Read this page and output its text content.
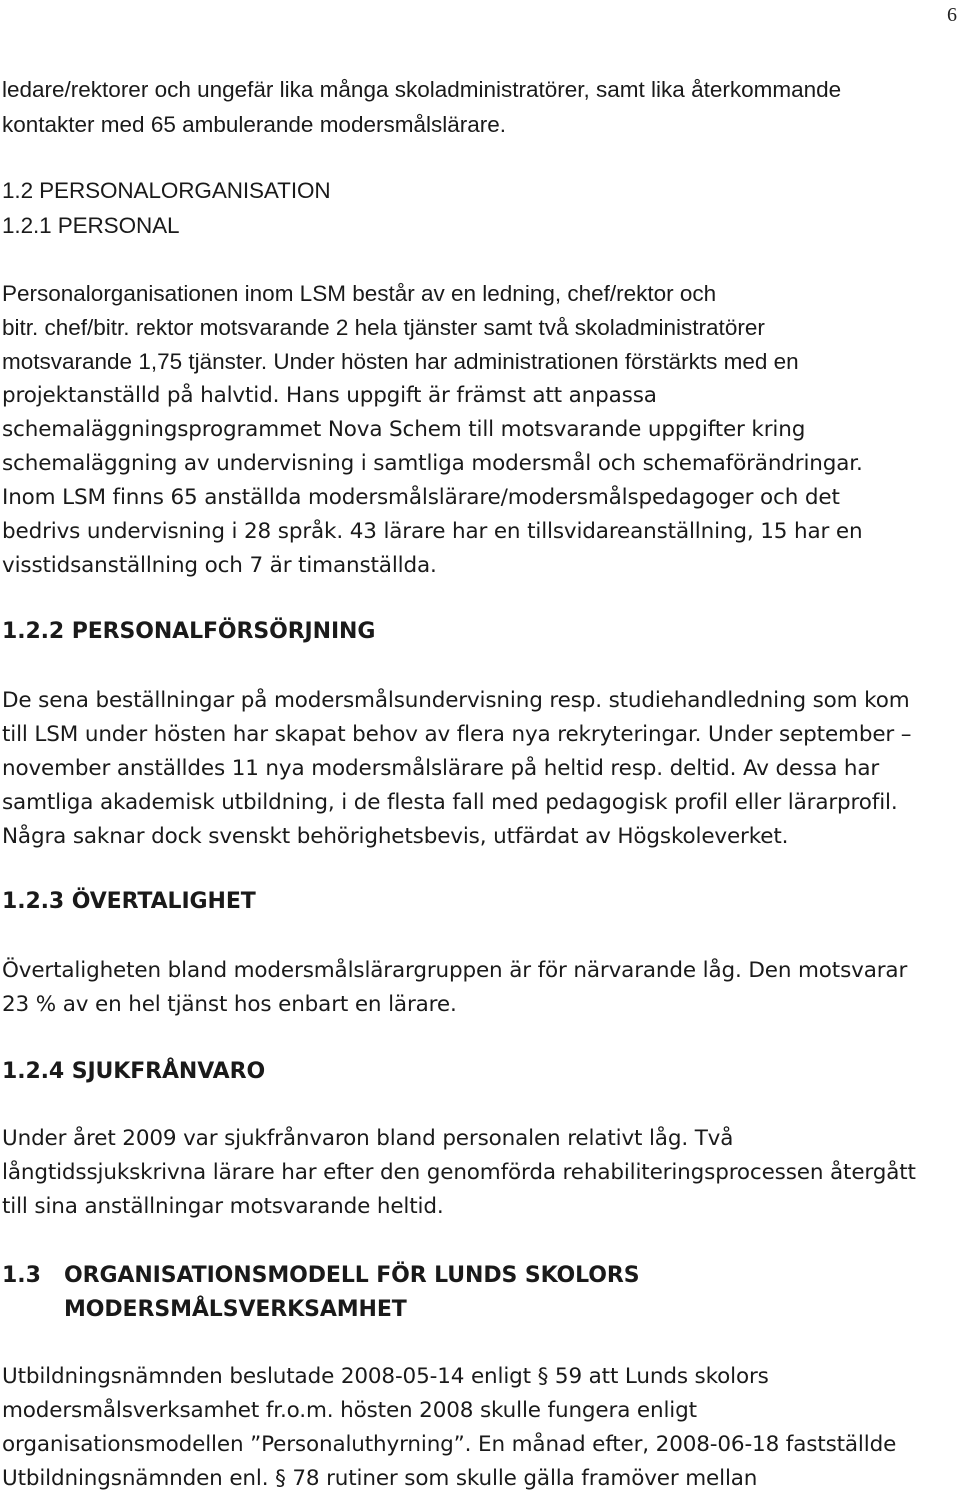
6
ledare/rektorer och ungefär lika många skoladministratörer, samt lika återkommande
kontakter med 65 ambulerande modersmålslärare.
1.2 PERSONALORGANISATION
1.2.1 PERSONAL
Personalorganisationen inom LSM består av en ledning, chef/rektor och
bitr. chef/bitr. rektor motsvarande 2 hela tjänster samt två skoladministratörer
motsvarande 1,75 tjänster. Under hösten har administrationen förstärkts med en
projektanställd på halvtid. Hans uppgift är främst att anpassa
schemaläggningsprogrammet Nova Schem till motsvarande uppgifter kring
schemaläggning av undervisning i samtliga modersmål och schemaförändringar.
Inom LSM finns 65 anställda modersmålslärare/modersmålspedagoger och det
bedrivs undervisning i 28 språk. 43 lärare har en tillsvidareanställning, 15 har en
visstidsanställning och 7 är timanställda.
1.2.2 PERSONALFÖRSÖRJNING
De sena beställningar på modersmålsundervisning resp. studiehandledning som kom
till LSM under hösten har skapat behov av flera nya rekryteringar. Under september –
november anställdes 11 nya modersmålslärare på heltid resp. deltid. Av dessa har
samtliga akademisk utbildning, i de flesta fall med pedagogisk profil eller lärarprofil.
Några saknar dock svenskt behörighetsbevis, utfärdat av Högskoleverket.
1.2.3 ÖVERTALIGHET
Övertaligheten bland modersmålslärargruppen är för närvarande låg. Den motsvarar
23 % av en hel tjänst hos enbart en lärare.
1.2.4 SJUKFRÅNVARO
Under året 2009 var sjukfrånvaron bland personalen relativt låg. Två
långtidssjukskrivna lärare har efter den genomförda rehabiliteringsprocessen återgått
till sina anställningar motsvarande heltid.
1.3 ORGANISATIONSMODELL FÖR LUNDS SKOLORS
MODERSMÅLSVERKSAMHET
Utbildningsnämnden beslutade 2008-05-14 enligt § 59 att Lunds skolors
modersmålsverksamhet fr.o.m. hösten 2008 skulle fungera enligt
organisationsmodellen ”Personaluthyrning”. En månad efter, 2008-06-18 fastställde
Utbildningsnämnden enl. § 78 rutiner som skulle gälla framöver mellan
